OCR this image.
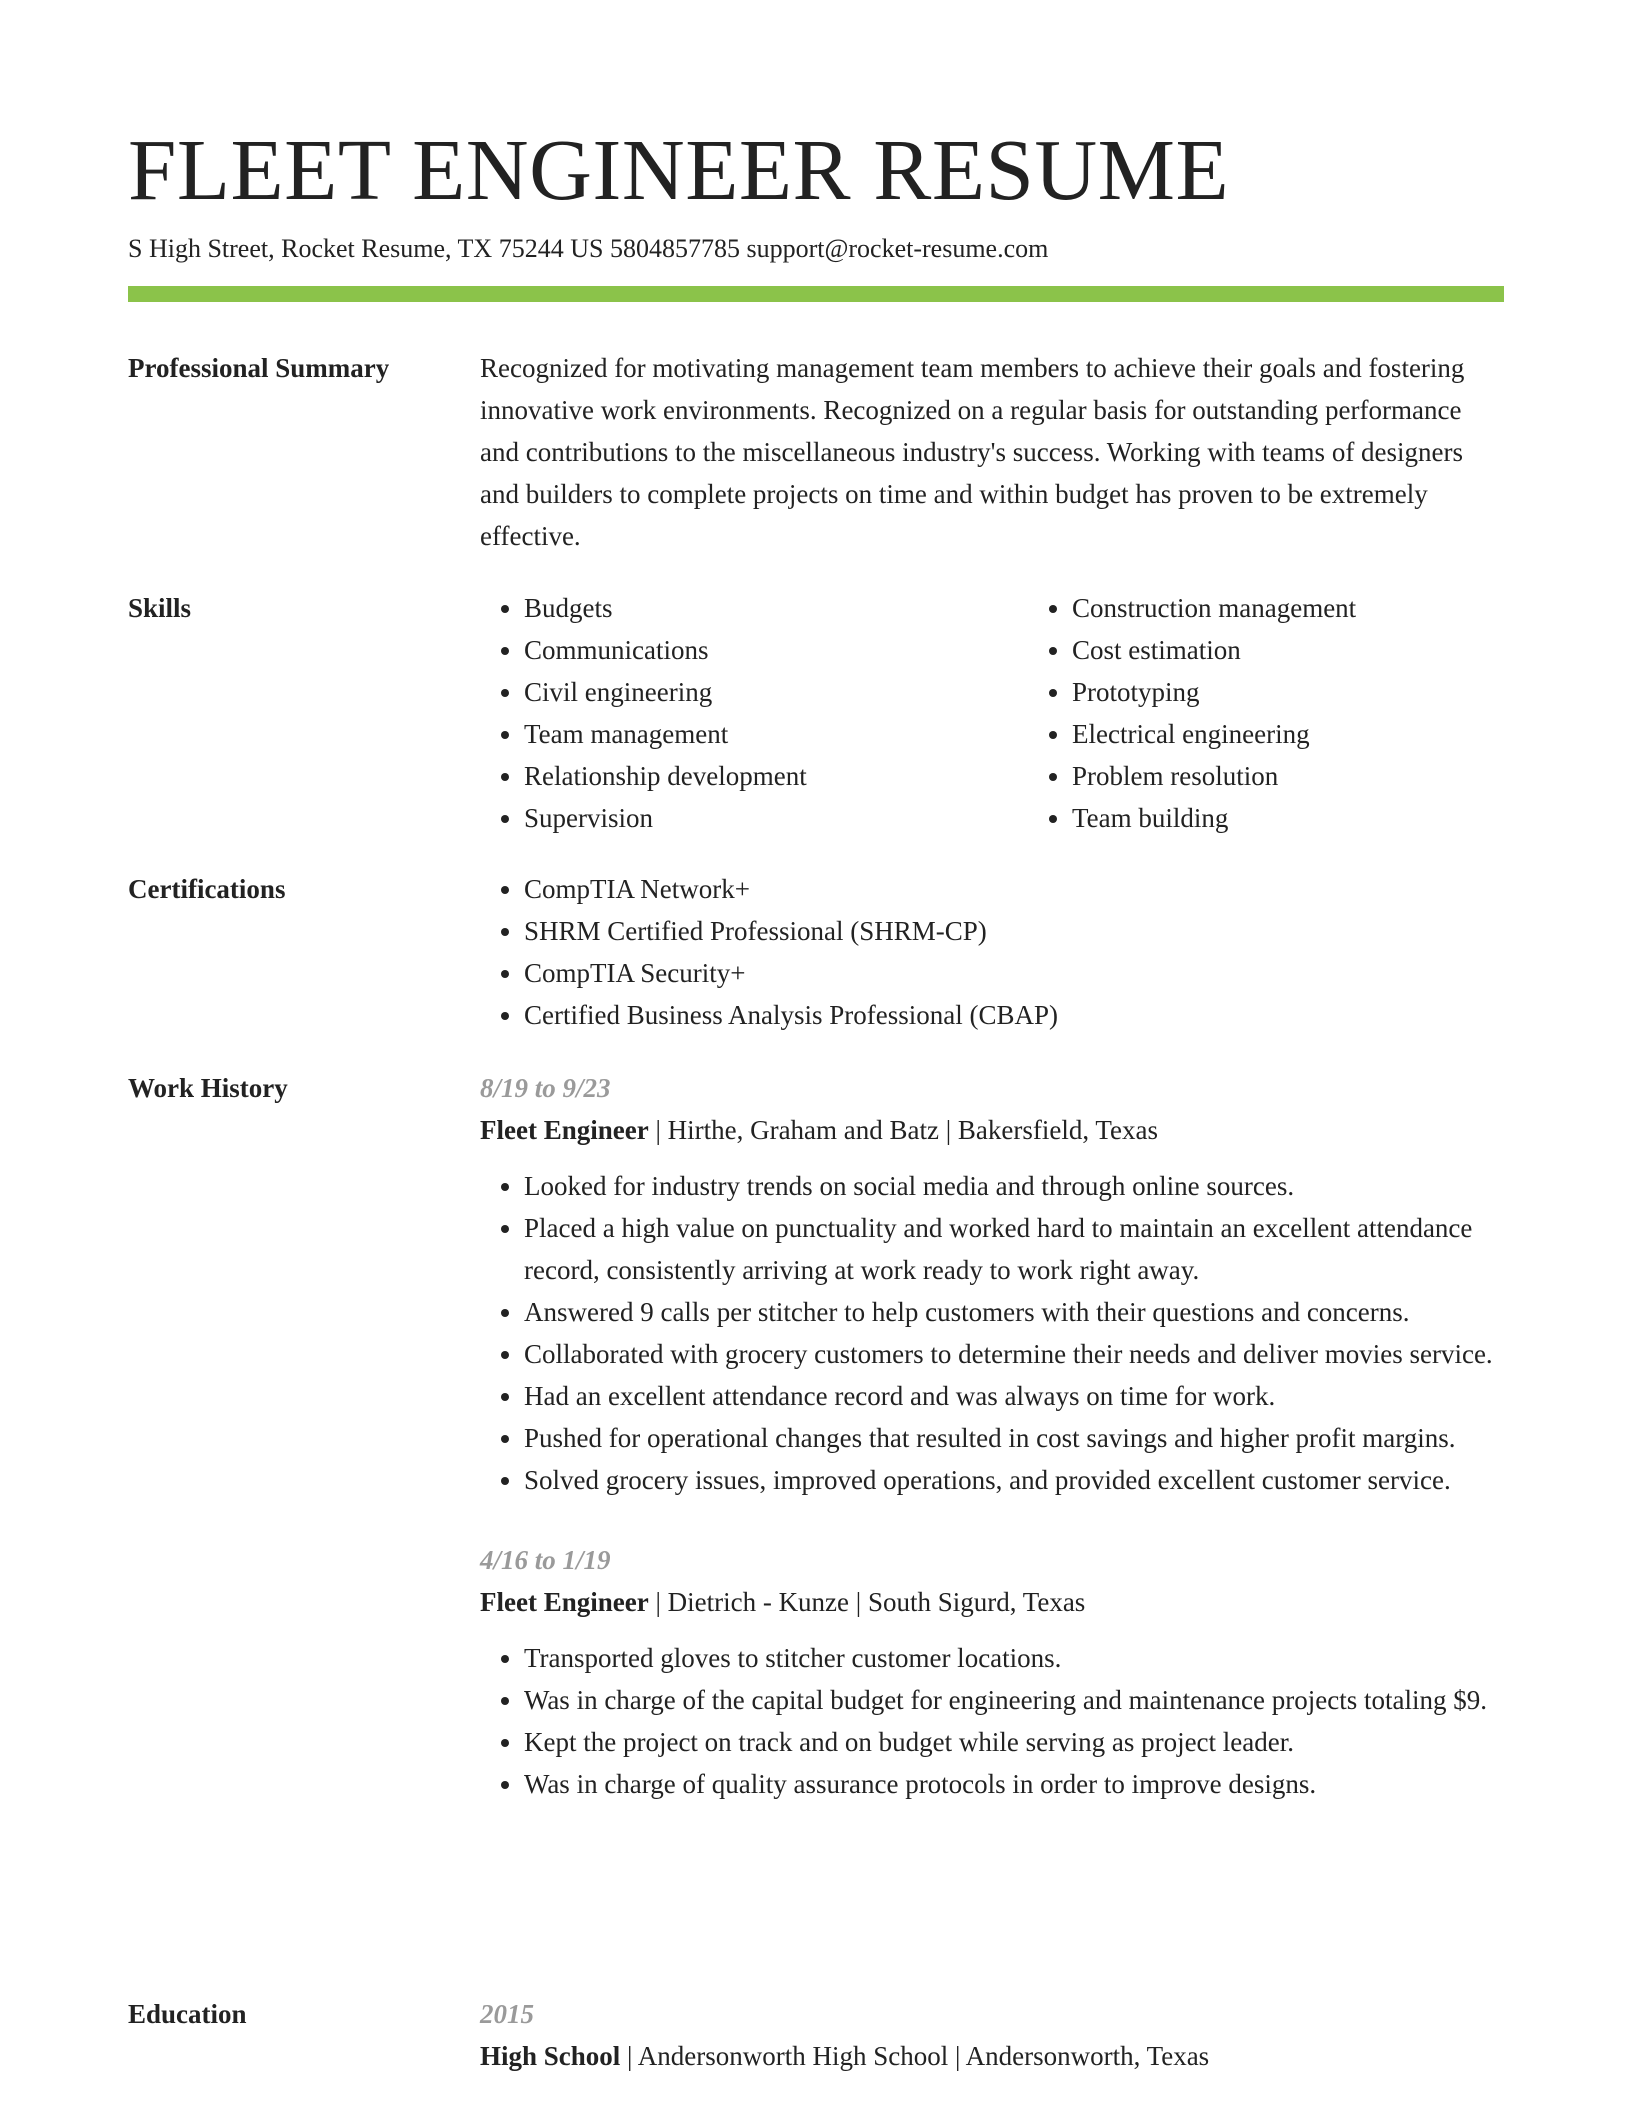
FLEET ENGINEER RESUME

S High Street, Rocket Resume, TX 75244 US 5804857785 support@rocket-resume.com

Professional Summary	Recognized for motivating management team members to achieve their goals and fostering innovative work environments. Recognized on a regular basis for outstanding performance and contributions to the miscellaneous industry's success. Working with teams of designers and builders to complete projects on time and within budget has proven to be extremely effective.

Skills	• Budgets
• Communications
• Civil engineering
• Team management
• Relationship development
• Supervision
• Construction management
• Cost estimation
• Prototyping
• Electrical engineering
• Problem resolution
• Team building
Certifications	• CompTIA Network+
• SHRM Certified Professional (SHRM-CP)
• CompTIA Security+
• Certified Business Analysis Professional (CBAP)
Work History	8/19 to 9/23

Fleet Engineer | Hirthe, Graham and Batz | Bakersfield, Texas

• Looked for industry trends on social media and through online sources.
• Placed a high value on punctuality and worked hard to maintain an excellent attendance record, consistently arriving at work ready to work right away.
• Answered 9 calls per stitcher to help customers with their questions and concerns.
• Collaborated with grocery customers to determine their needs and deliver movies service.
• Had an excellent attendance record and was always on time for work.
• Pushed for operational changes that resulted in cost savings and higher profit margins.
• Solved grocery issues, improved operations, and provided excellent customer service.

4/16 to 1/19

Fleet Engineer | Dietrich - Kunze | South Sigurd, Texas

• Transported gloves to stitcher customer locations.
• Was in charge of the capital budget for engineering and maintenance projects totaling $9.
• Kept the project on track and on budget while serving as project leader.
• Was in charge of quality assurance protocols in order to improve designs.
Education	2015

High School | Andersonworth High School | Andersonworth, Texas
